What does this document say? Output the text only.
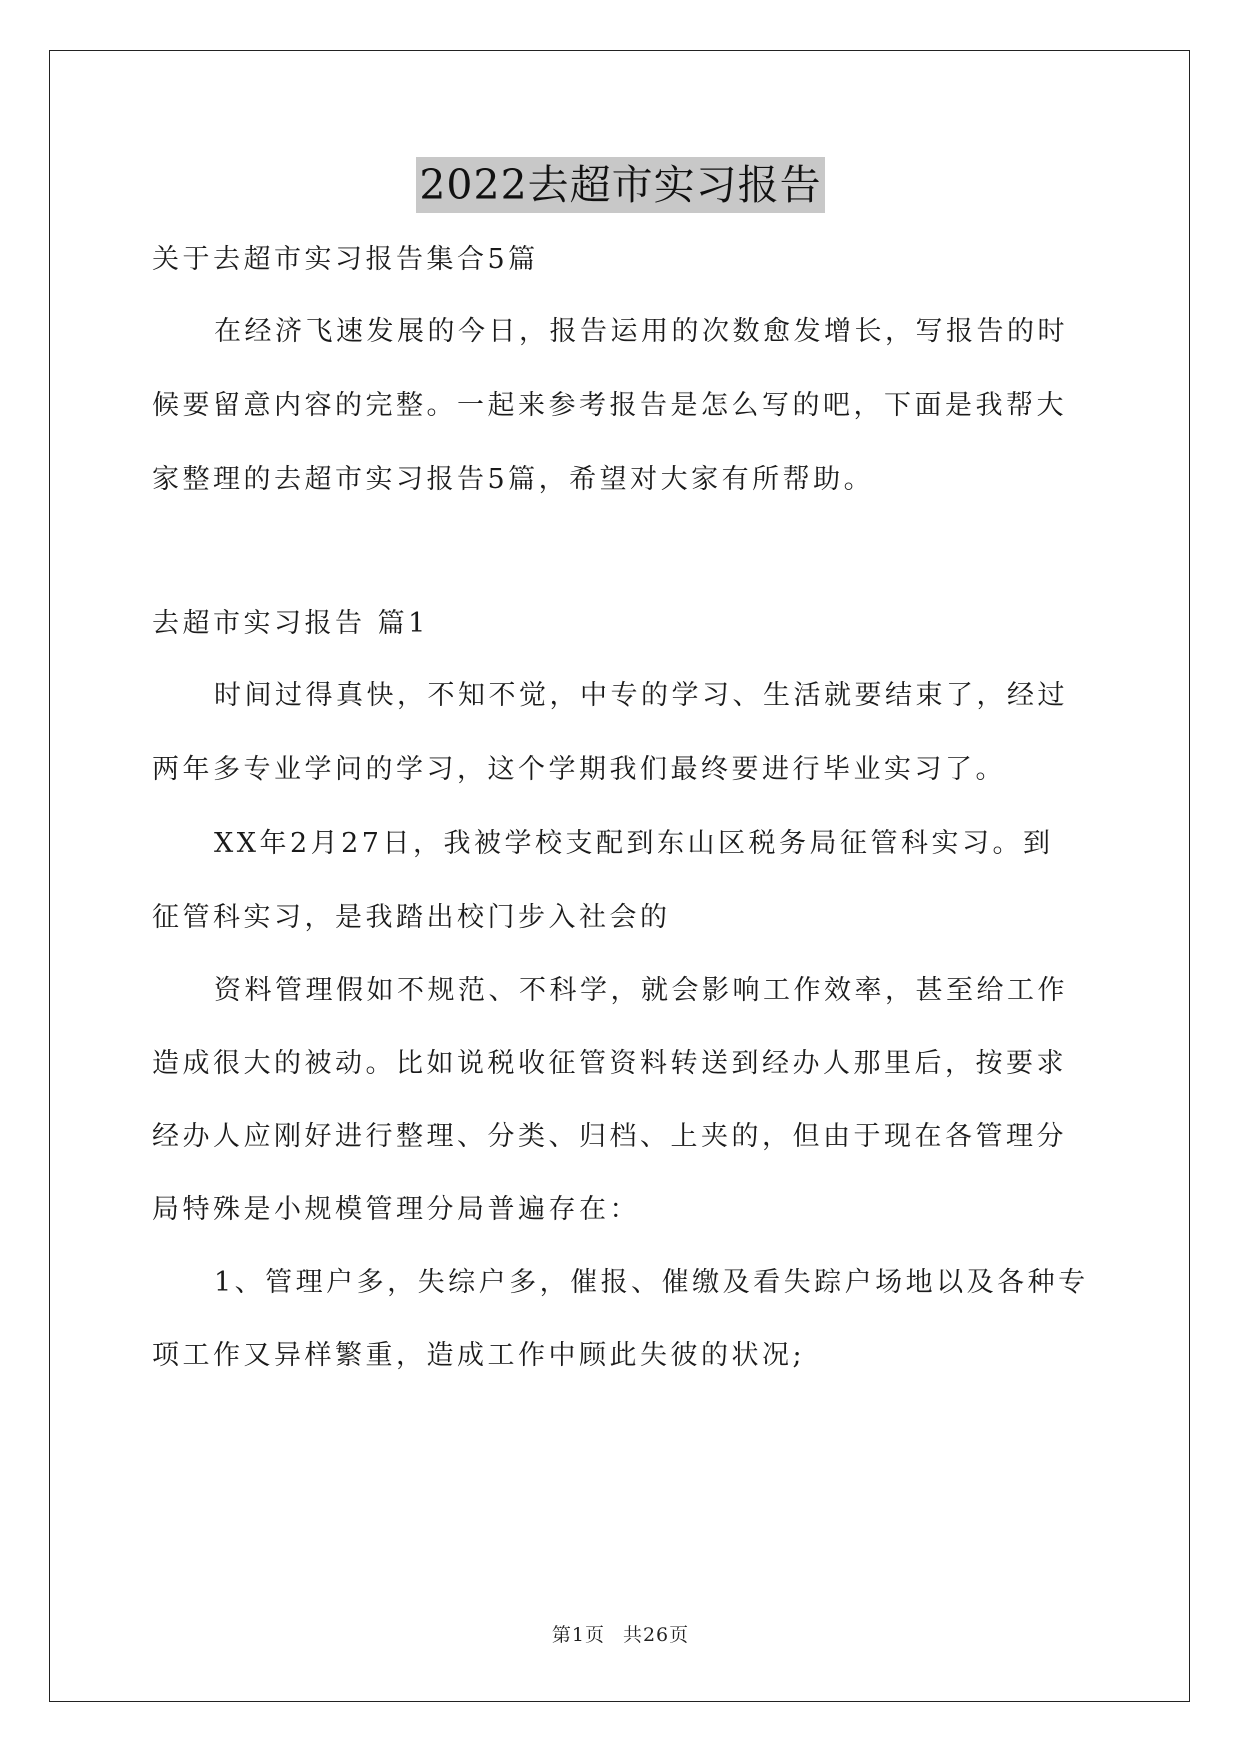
2022去超市实习报告

关于去超市实习报告集合5篇

在经济飞速发展的今日，报告运用的次数愈发增长，写报告的时

候要留意内容的完整。一起来参考报告是怎么写的吧，下面是我帮大

家整理的去超市实习报告5篇，希望对大家有所帮助。

去超市实习报告 篇1

时间过得真快，不知不觉，中专的学习、生活就要结束了，经过

两年多专业学问的学习，这个学期我们最终要进行毕业实习了。

XX年2月27日，我被学校支配到东山区税务局征管科实习。到

征管科实习，是我踏出校门步入社会的

资料管理假如不规范、不科学，就会影响工作效率，甚至给工作

造成很大的被动。比如说税收征管资料转送到经办人那里后，按要求

经办人应刚好进行整理、分类、归档、上夹的，但由于现在各管理分

局特殊是小规模管理分局普遍存在：

1、管理户多，失综户多，催报、催缴及看失踪户场地以及各种专

项工作又异样繁重，造成工作中顾此失彼的状况;

第1页 共26页
